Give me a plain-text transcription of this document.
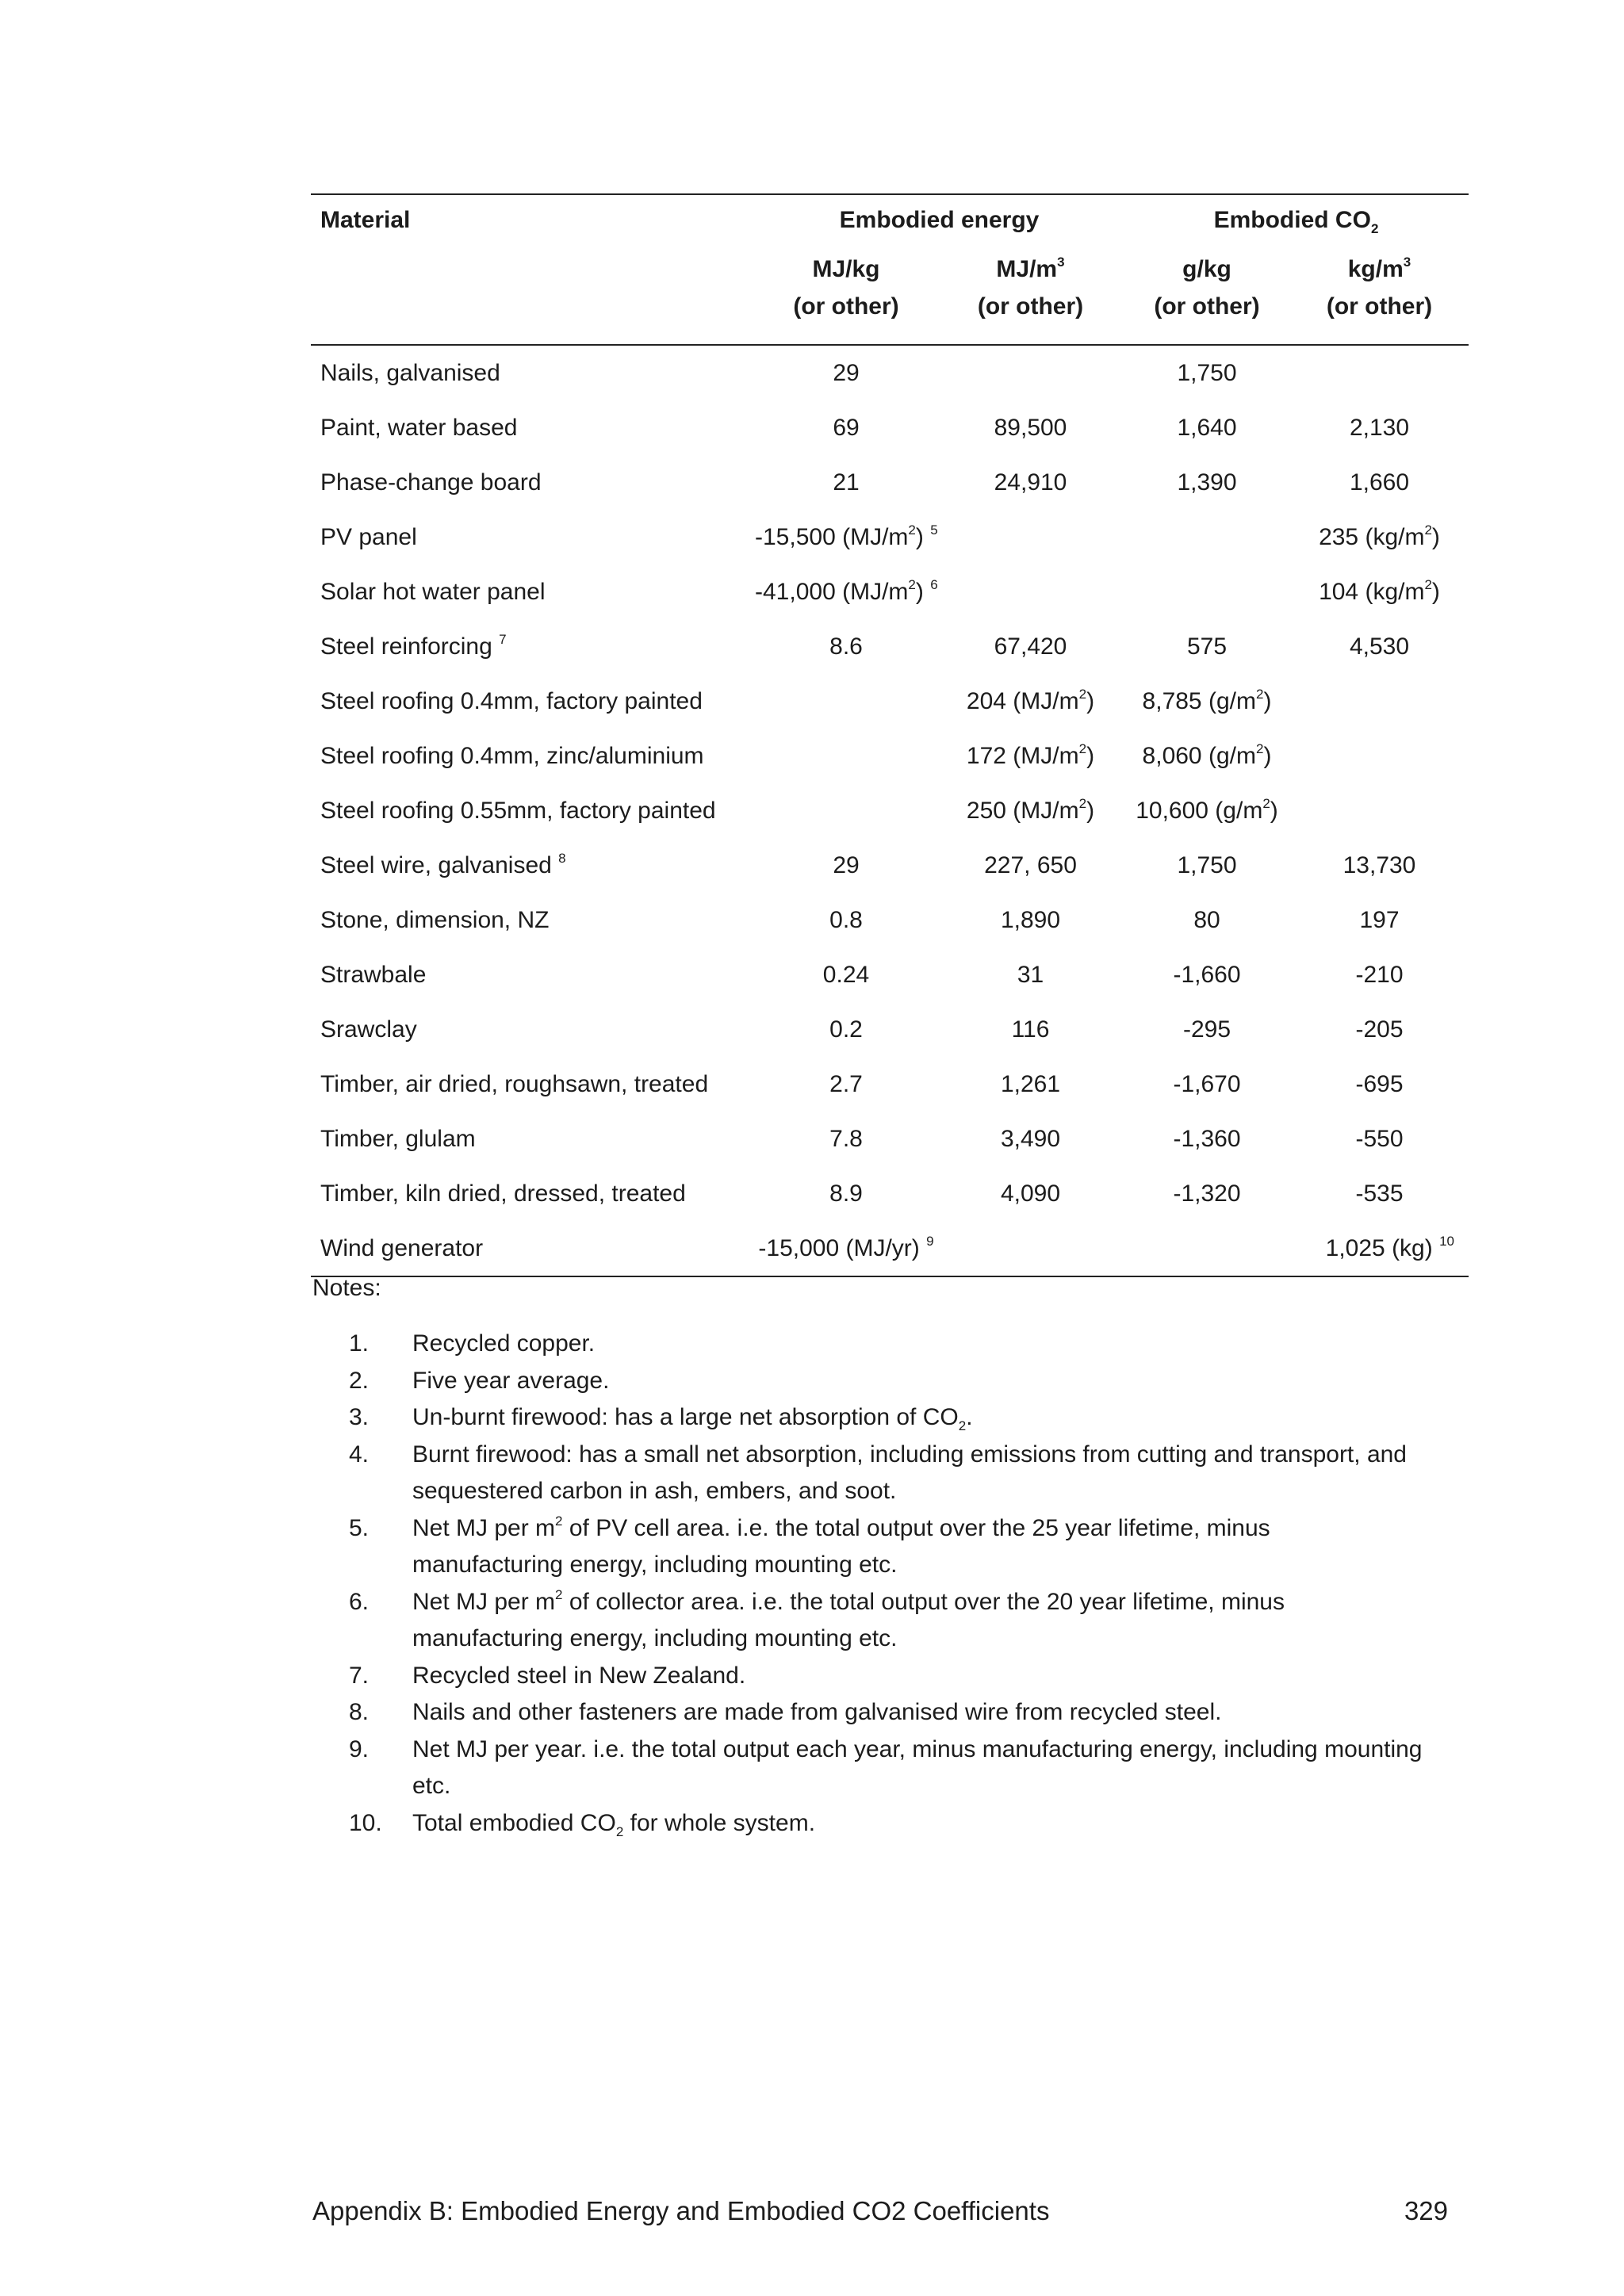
Material	Embodied energy		Embodied $CO_2$
	MJ/kg	$MJ/m^3$	g/kg	$kg/m^3$
	(or other)	(or other)	(or other)	(or other)
Nails, galvanised	29		1,750	
Paint, water based	69	89,500	1,640	2,130
Phase-change board	21	24,910	1,390	1,660
PV panel	-15,500 $(MJ/m^2)$ $^5$			235 $(kg/m^2)$
Solar hot water panel	-41,000 $(MJ/m^2)$ $^6$			104 $(kg/m^2)$
Steel reinforcing $^7$	8.6	67,420	575	4,530
Steel roofing 0.4mm, factory painted		204 $(MJ/m^2)$	8,785 $(g/m^2)$	
Steel roofing 0.4mm, zinc/aluminium		172 $(MJ/m^2)$	8,060 $(g/m^2)$	
Steel roofing 0.55mm, factory painted		250 $(MJ/m^2)$	10,600 $(g/m^2)$	
Steel wire, galvanised $^8$	29	227, 650	1,750	13,730
Stone, dimension, NZ	0.8	1,890	80	197
Strawbale	0.24	31	-1,660	-210
Srawclay	0.2	116	-295	-205
Timber, air dried, roughsawn, treated	2.7	1,261	-1,670	-695
Timber, glulam	7.8	3,490	-1,360	-550
Timber, kiln dried, dressed, treated	8.9	4,090	-1,320	-535
Wind generator	-15,000 (MJ/yr) $^9$			1,025 (kg) $^{10}$
Notes:
1.	Recycled copper.
2.	Five year average.
3.	Un-burnt firewood: has a large net absorption of $CO_2$.
4.	Burnt firewood: has a small net absorption, including emissions from cutting and transport, and sequestered carbon in ash, embers, and soot.
5.	Net MJ per $m^2$ of PV cell area. i.e. the total output over the 25 year lifetime, minus manufacturing energy, including mounting etc.
6.	Net MJ per $m^2$ of collector area. i.e. the total output over the 20 year lifetime, minus manufacturing energy, including mounting etc.
7.	Recycled steel in New Zealand.
8.	Nails and other fasteners are made from galvanised wire from recycled steel.
9.	Net MJ per year. i.e. the total output each year, minus manufacturing energy, including mounting etc.
10.	Total embodied $CO_2$ for whole system.
Appendix B: Embodied Energy and Embodied CO2 Coefficients	329
